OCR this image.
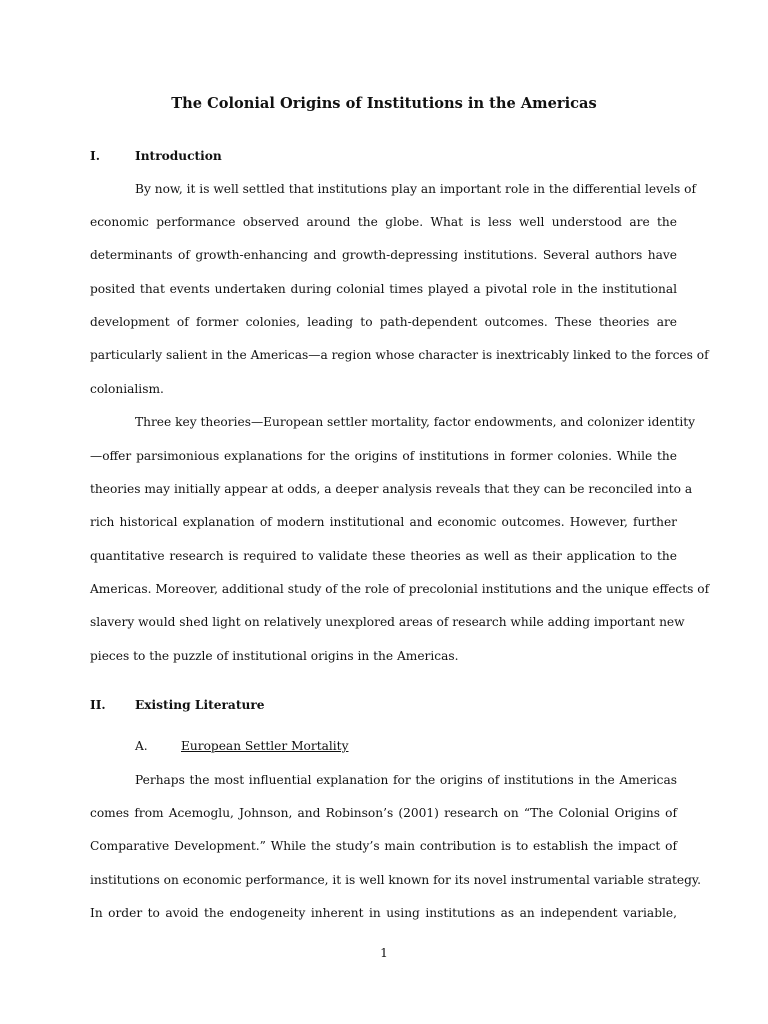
The Colonial Origins of Institutions in the Americas
I.	Introduction
By now, it is well settled that institutions play an important role in the differential levels of
economic performance observed around the globe. What is less well understood are the
determinants of growth-enhancing and growth-depressing institutions. Several authors have
posited that events undertaken during colonial times played a pivotal role in the institutional
development of former colonies, leading to path-dependent outcomes. These theories are
particularly salient in the Americas—a region whose character is inextricably linked to the forces of
colonialism.
Three key theories—European settler mortality, factor endowments, and colonizer identity
—offer parsimonious explanations for the origins of institutions in former colonies. While the
theories may initially appear at odds, a deeper analysis reveals that they can be reconciled into a
rich historical explanation of modern institutional and economic outcomes. However, further
quantitative research is required to validate these theories as well as their application to the
Americas. Moreover, additional study of the role of precolonial institutions and the unique effects of
slavery would shed light on relatively unexplored areas of research while adding important new
pieces to the puzzle of institutional origins in the Americas.
II. Existing Literature
A.	European Settler Mortality
Perhaps the most influential explanation for the origins of institutions in the Americas
comes from Acemoglu, Johnson, and Robinson’s (2001) research on “The Colonial Origins of
Comparative Development.” While the study’s main contribution is to establish the impact of
institutions on economic performance, it is well known for its novel instrumental variable strategy.
In order to avoid the endogeneity inherent in using institutions as an independent variable,
1
